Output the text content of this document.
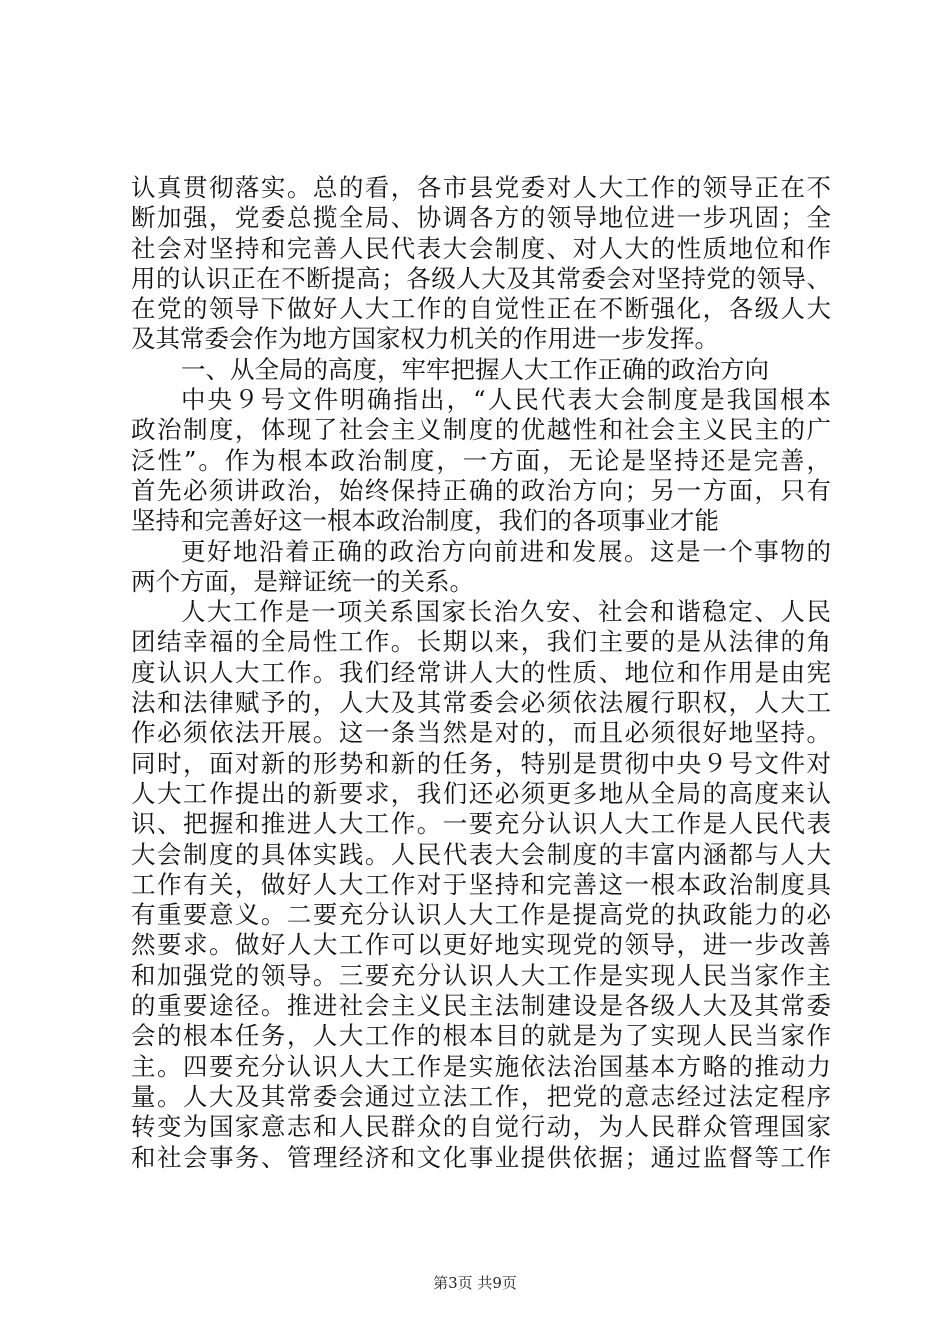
认真贯彻落实。总的看，各市县党委对人大工作的领导正在不
断加强，党委总揽全局、协调各方的领导地位进一步巩固；全
社会对坚持和完善人民代表大会制度、对人大的性质地位和作
用的认识正在不断提高；各级人大及其常委会对坚持党的领导、
在党的领导下做好人大工作的自觉性正在不断强化，各级人大
及其常委会作为地方国家权力机关的作用进一步发挥。
一、从全局的高度，牢牢把握人大工作正确的政治方向
中央９号文件明确指出，“人民代表大会制度是我国根本
政治制度，体现了社会主义制度的优越性和社会主义民主的广
泛性”。作为根本政治制度，一方面，无论是坚持还是完善，
首先必须讲政治，始终保持正确的政治方向；另一方面，只有
坚持和完善好这一根本政治制度，我们的各项事业才能
更好地沿着正确的政治方向前进和发展。这是一个事物的
两个方面，是辩证统一的关系。
人大工作是一项关系国家长治久安、社会和谐稳定、人民
团结幸福的全局性工作。长期以来，我们主要的是从法律的角
度认识人大工作。我们经常讲人大的性质、地位和作用是由宪
法和法律赋予的，人大及其常委会必须依法履行职权，人大工
作必须依法开展。这一条当然是对的，而且必须很好地坚持。
同时，面对新的形势和新的任务，特别是贯彻中央９号文件对
人大工作提出的新要求，我们还必须更多地从全局的高度来认
识、把握和推进人大工作。一要充分认识人大工作是人民代表
大会制度的具体实践。人民代表大会制度的丰富内涵都与人大
工作有关，做好人大工作对于坚持和完善这一根本政治制度具
有重要意义。二要充分认识人大工作是提高党的执政能力的必
然要求。做好人大工作可以更好地实现党的领导，进一步改善
和加强党的领导。三要充分认识人大工作是实现人民当家作主
的重要途径。推进社会主义民主法制建设是各级人大及其常委
会的根本任务，人大工作的根本目的就是为了实现人民当家作
主。四要充分认识人大工作是实施依法治国基本方略的推动力
量。人大及其常委会通过立法工作，把党的意志经过法定程序
转变为国家意志和人民群众的自觉行动，为人民群众管理国家
和社会事务、管理经济和文化事业提供依据；通过监督等工作
第3页 共9页
